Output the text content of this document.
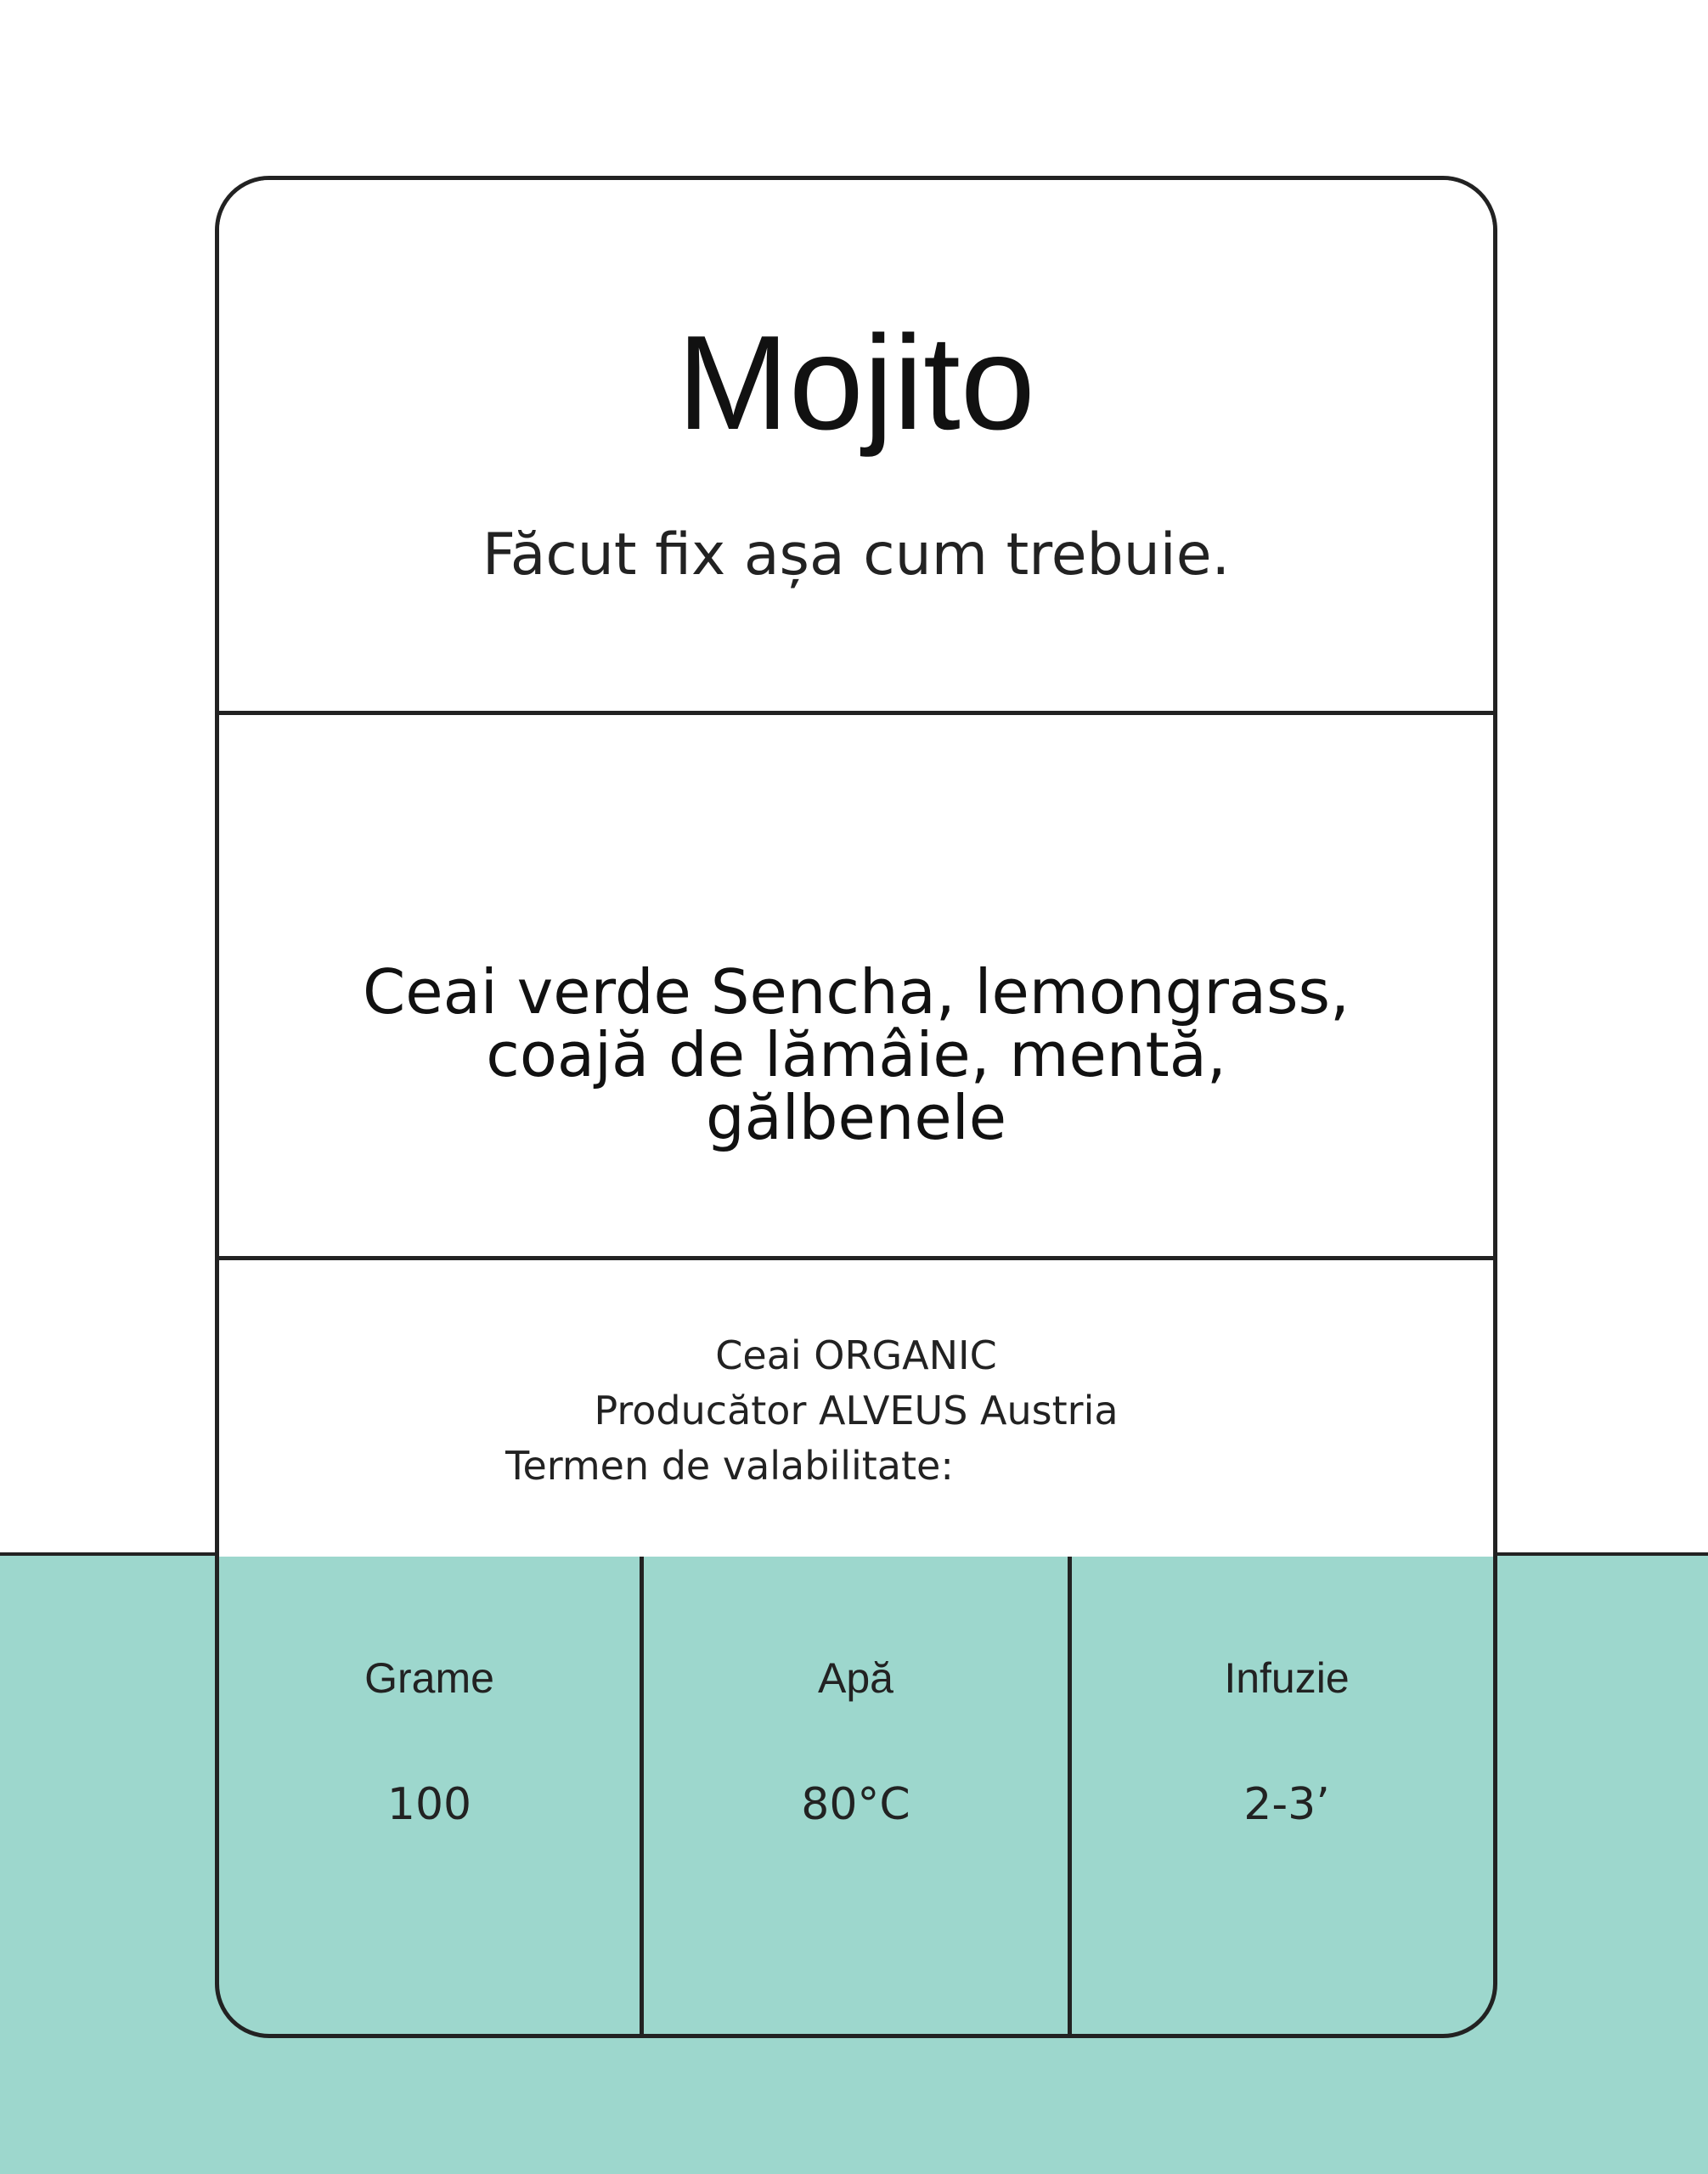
Mojito
Făcut fix așa cum trebuie.
Ceai verde Sencha, lemongrass,
coajă de lămâie, mentă,
gălbenele
Ceai ORGANIC
Producător ALVEUS Austria
Termen de valabilitate:
Grame
100
Apă
80°C
Infuzie
2-3’
